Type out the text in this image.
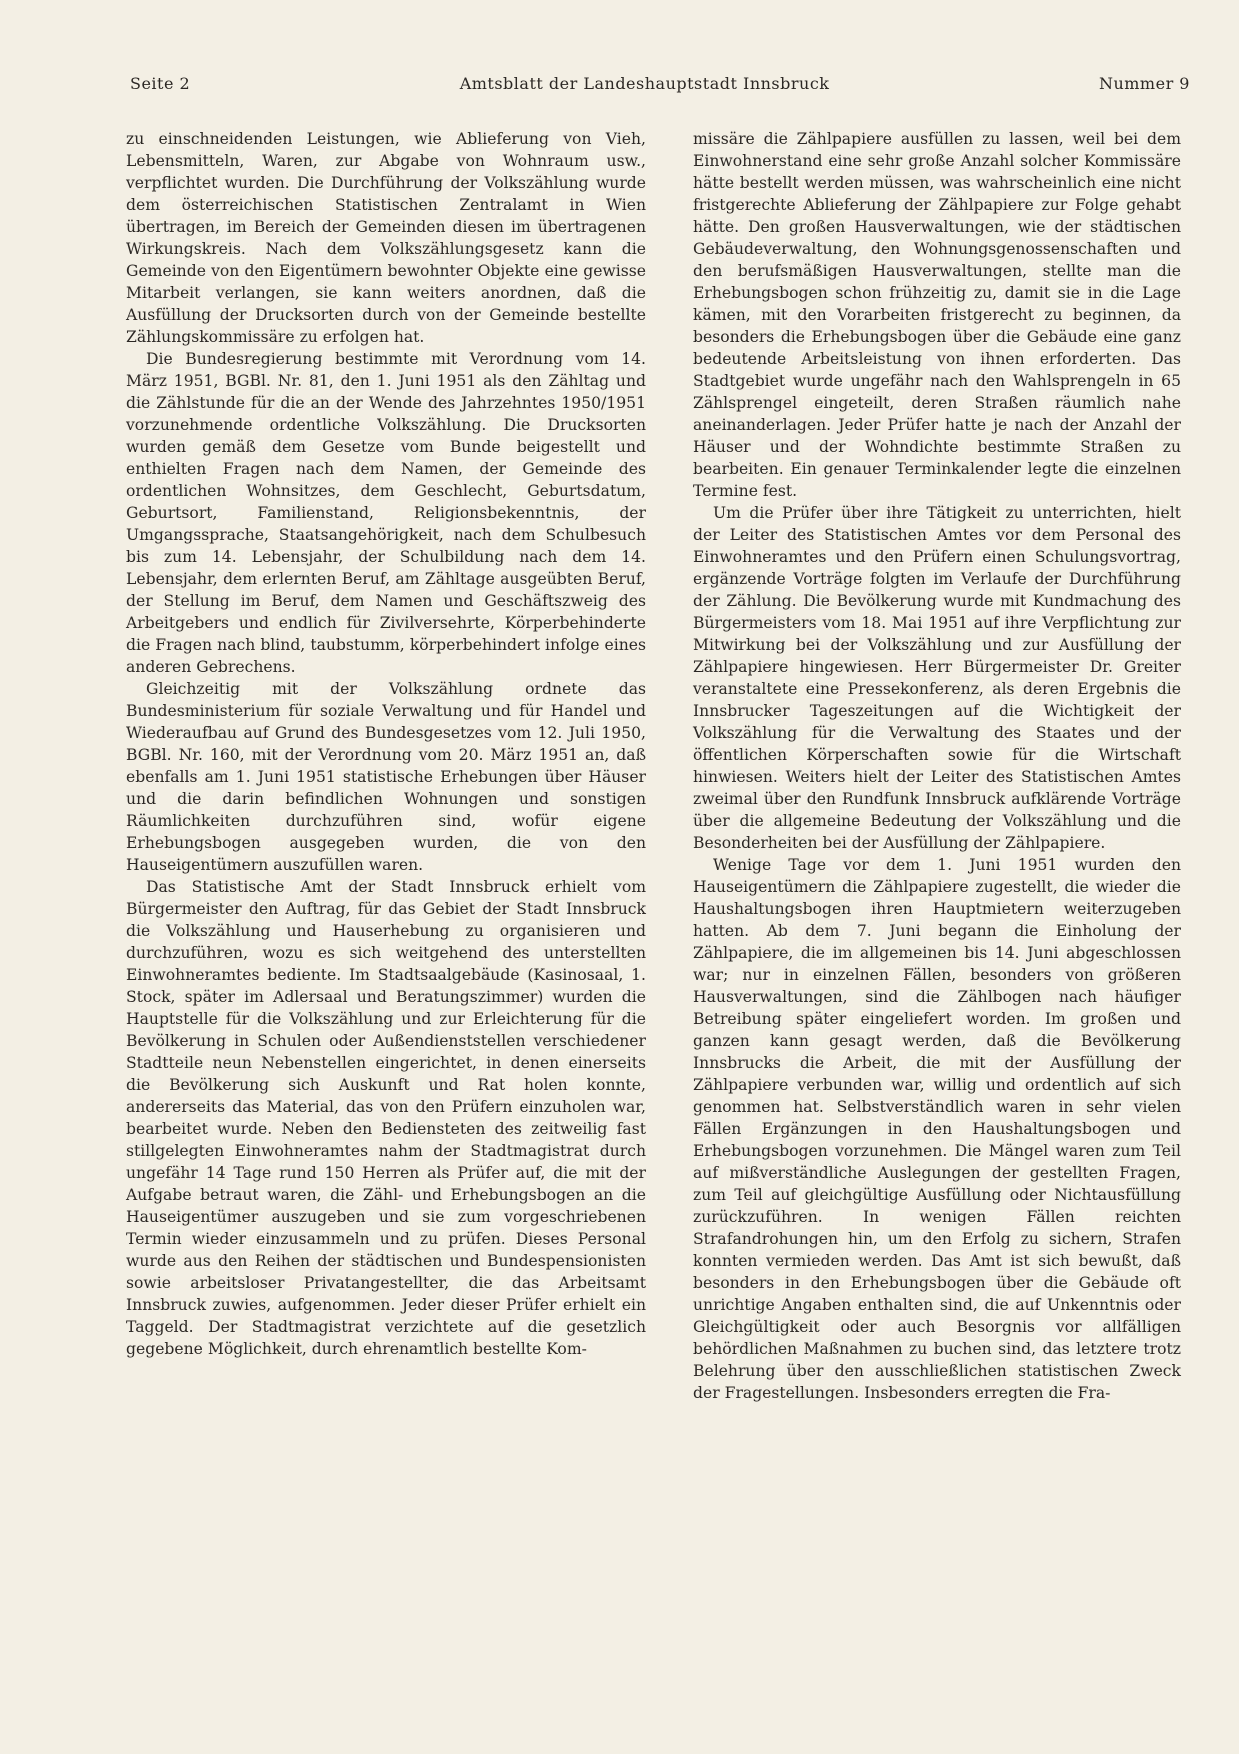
Seite 2	Amtsblatt der Landeshauptstadt Innsbruck	Nummer 9

zu einschneidenden Leistungen, wie Ablieferung von Vieh, Lebensmitteln, Waren, zur Abgabe von Wohnraum usw., verpflichtet wurden. Die Durchführung der Volkszählung wurde dem österreichischen Statistischen Zentralamt in Wien übertragen, im Bereich der Gemeinden diesen im übertragenen Wirkungskreis. Nach dem Volkszählungsgesetz kann die Gemeinde von den Eigentümern bewohnter Objekte eine gewisse Mitarbeit verlangen, sie kann weiters anordnen, daß die Ausfüllung der Drucksorten durch von der Gemeinde bestellte Zählungskommissäre zu erfolgen hat.

Die Bundesregierung bestimmte mit Verordnung vom 14. März 1951, BGBl. Nr. 81, den 1. Juni 1951 als den Zähltag und die Zählstunde für die an der Wende des Jahrzehntes 1950/1951 vorzunehmende ordentliche Volkszählung. Die Drucksorten wurden gemäß dem Gesetze vom Bunde beigestellt und enthielten Fragen nach dem Namen, der Gemeinde des ordentlichen Wohnsitzes, dem Geschlecht, Geburtsdatum, Geburtsort, Familienstand, Religionsbekenntnis, der Umgangssprache, Staatsangehörigkeit, nach dem Schulbesuch bis zum 14. Lebensjahr, der Schulbildung nach dem 14. Lebensjahr, dem erlernten Beruf, am Zähltage ausgeübten Beruf, der Stellung im Beruf, dem Namen und Geschäftszweig des Arbeitgebers und endlich für Zivilversehrte, Körperbehinderte die Fragen nach blind, taubstumm, körperbehindert infolge eines anderen Gebrechens.

Gleichzeitig mit der Volkszählung ordnete das Bundesministerium für soziale Verwaltung und für Handel und Wiederaufbau auf Grund des Bundesgesetzes vom 12. Juli 1950, BGBl. Nr. 160, mit der Verordnung vom 20. März 1951 an, daß ebenfalls am 1. Juni 1951 statistische Erhebungen über Häuser und die darin befindlichen Wohnungen und sonstigen Räumlichkeiten durchzuführen sind, wofür eigene Erhebungsbogen ausgegeben wurden, die von den Hauseigentümern auszufüllen waren.

Das Statistische Amt der Stadt Innsbruck erhielt vom Bürgermeister den Auftrag, für das Gebiet der Stadt Innsbruck die Volkszählung und Hauserhebung zu organisieren und durchzuführen, wozu es sich weitgehend des unterstellten Einwohneramtes bediente. Im Stadtsaalgebäude (Kasinosaal, 1. Stock, später im Adlersaal und Beratungszimmer) wurden die Hauptstelle für die Volkszählung und zur Erleichterung für die Bevölkerung in Schulen oder Außendienststellen verschiedener Stadtteile neun Nebenstellen eingerichtet, in denen einerseits die Bevölkerung sich Auskunft und Rat holen konnte, andererseits das Material, das von den Prüfern einzuholen war, bearbeitet wurde. Neben den Bediensteten des zeitweilig fast stillgelegten Einwohneramtes nahm der Stadtmagistrat durch ungefähr 14 Tage rund 150 Herren als Prüfer auf, die mit der Aufgabe betraut waren, die Zähl- und Erhebungsbogen an die Hauseigentümer auszugeben und sie zum vorgeschriebenen Termin wieder einzusammeln und zu prüfen. Dieses Personal wurde aus den Reihen der städtischen und Bundespensionisten sowie arbeitsloser Privatangestellter, die das Arbeitsamt Innsbruck zuwies, aufgenommen. Jeder dieser Prüfer erhielt ein Taggeld. Der Stadtmagistrat verzichtete auf die gesetzlich gegebene Möglichkeit, durch ehrenamtlich bestellte Kom-

missäre die Zählpapiere ausfüllen zu lassen, weil bei dem Einwohnerstand eine sehr große Anzahl solcher Kommissäre hätte bestellt werden müssen, was wahrscheinlich eine nicht fristgerechte Ablieferung der Zählpapiere zur Folge gehabt hätte. Den großen Hausverwaltungen, wie der städtischen Gebäudeverwaltung, den Wohnungsgenossenschaften und den berufsmäßigen Hausverwaltungen, stellte man die Erhebungsbogen schon frühzeitig zu, damit sie in die Lage kämen, mit den Vorarbeiten fristgerecht zu beginnen, da besonders die Erhebungsbogen über die Gebäude eine ganz bedeutende Arbeitsleistung von ihnen erforderten. Das Stadtgebiet wurde ungefähr nach den Wahlsprengeln in 65 Zählsprengel eingeteilt, deren Straßen räumlich nahe aneinanderlagen. Jeder Prüfer hatte je nach der Anzahl der Häuser und der Wohndichte bestimmte Straßen zu bearbeiten. Ein genauer Terminkalender legte die einzelnen Termine fest.

Um die Prüfer über ihre Tätigkeit zu unterrichten, hielt der Leiter des Statistischen Amtes vor dem Personal des Einwohneramtes und den Prüfern einen Schulungsvortrag, ergänzende Vorträge folgten im Verlaufe der Durchführung der Zählung. Die Bevölkerung wurde mit Kundmachung des Bürgermeisters vom 18. Mai 1951 auf ihre Verpflichtung zur Mitwirkung bei der Volkszählung und zur Ausfüllung der Zählpapiere hingewiesen. Herr Bürgermeister Dr. Greiter veranstaltete eine Pressekonferenz, als deren Ergebnis die Innsbrucker Tageszeitungen auf die Wichtigkeit der Volkszählung für die Verwaltung des Staates und der öffentlichen Körperschaften sowie für die Wirtschaft hinwiesen. Weiters hielt der Leiter des Statistischen Amtes zweimal über den Rundfunk Innsbruck aufklärende Vorträge über die allgemeine Bedeutung der Volkszählung und die Besonderheiten bei der Ausfüllung der Zählpapiere.

Wenige Tage vor dem 1. Juni 1951 wurden den Hauseigentümern die Zählpapiere zugestellt, die wieder die Haushaltungsbogen ihren Hauptmietern weiterzugeben hatten. Ab dem 7. Juni begann die Einholung der Zählpapiere, die im allgemeinen bis 14. Juni abgeschlossen war; nur in einzelnen Fällen, besonders von größeren Hausverwaltungen, sind die Zählbogen nach häufiger Betreibung später eingeliefert worden. Im großen und ganzen kann gesagt werden, daß die Bevölkerung Innsbrucks die Arbeit, die mit der Ausfüllung der Zählpapiere verbunden war, willig und ordentlich auf sich genommen hat. Selbstverständlich waren in sehr vielen Fällen Ergänzungen in den Haushaltungsbogen und Erhebungsbogen vorzunehmen. Die Mängel waren zum Teil auf mißverständliche Auslegungen der gestellten Fragen, zum Teil auf gleichgültige Ausfüllung oder Nichtausfüllung zurückzuführen. In wenigen Fällen reichten Strafandrohungen hin, um den Erfolg zu sichern, Strafen konnten vermieden werden. Das Amt ist sich bewußt, daß besonders in den Erhebungsbogen über die Gebäude oft unrichtige Angaben enthalten sind, die auf Unkenntnis oder Gleichgültigkeit oder auch Besorgnis vor allfälligen behördlichen Maßnahmen zu buchen sind, das letztere trotz Belehrung über den ausschließlichen statistischen Zweck der Fragestellungen. Insbesonders erregten die Fra-
